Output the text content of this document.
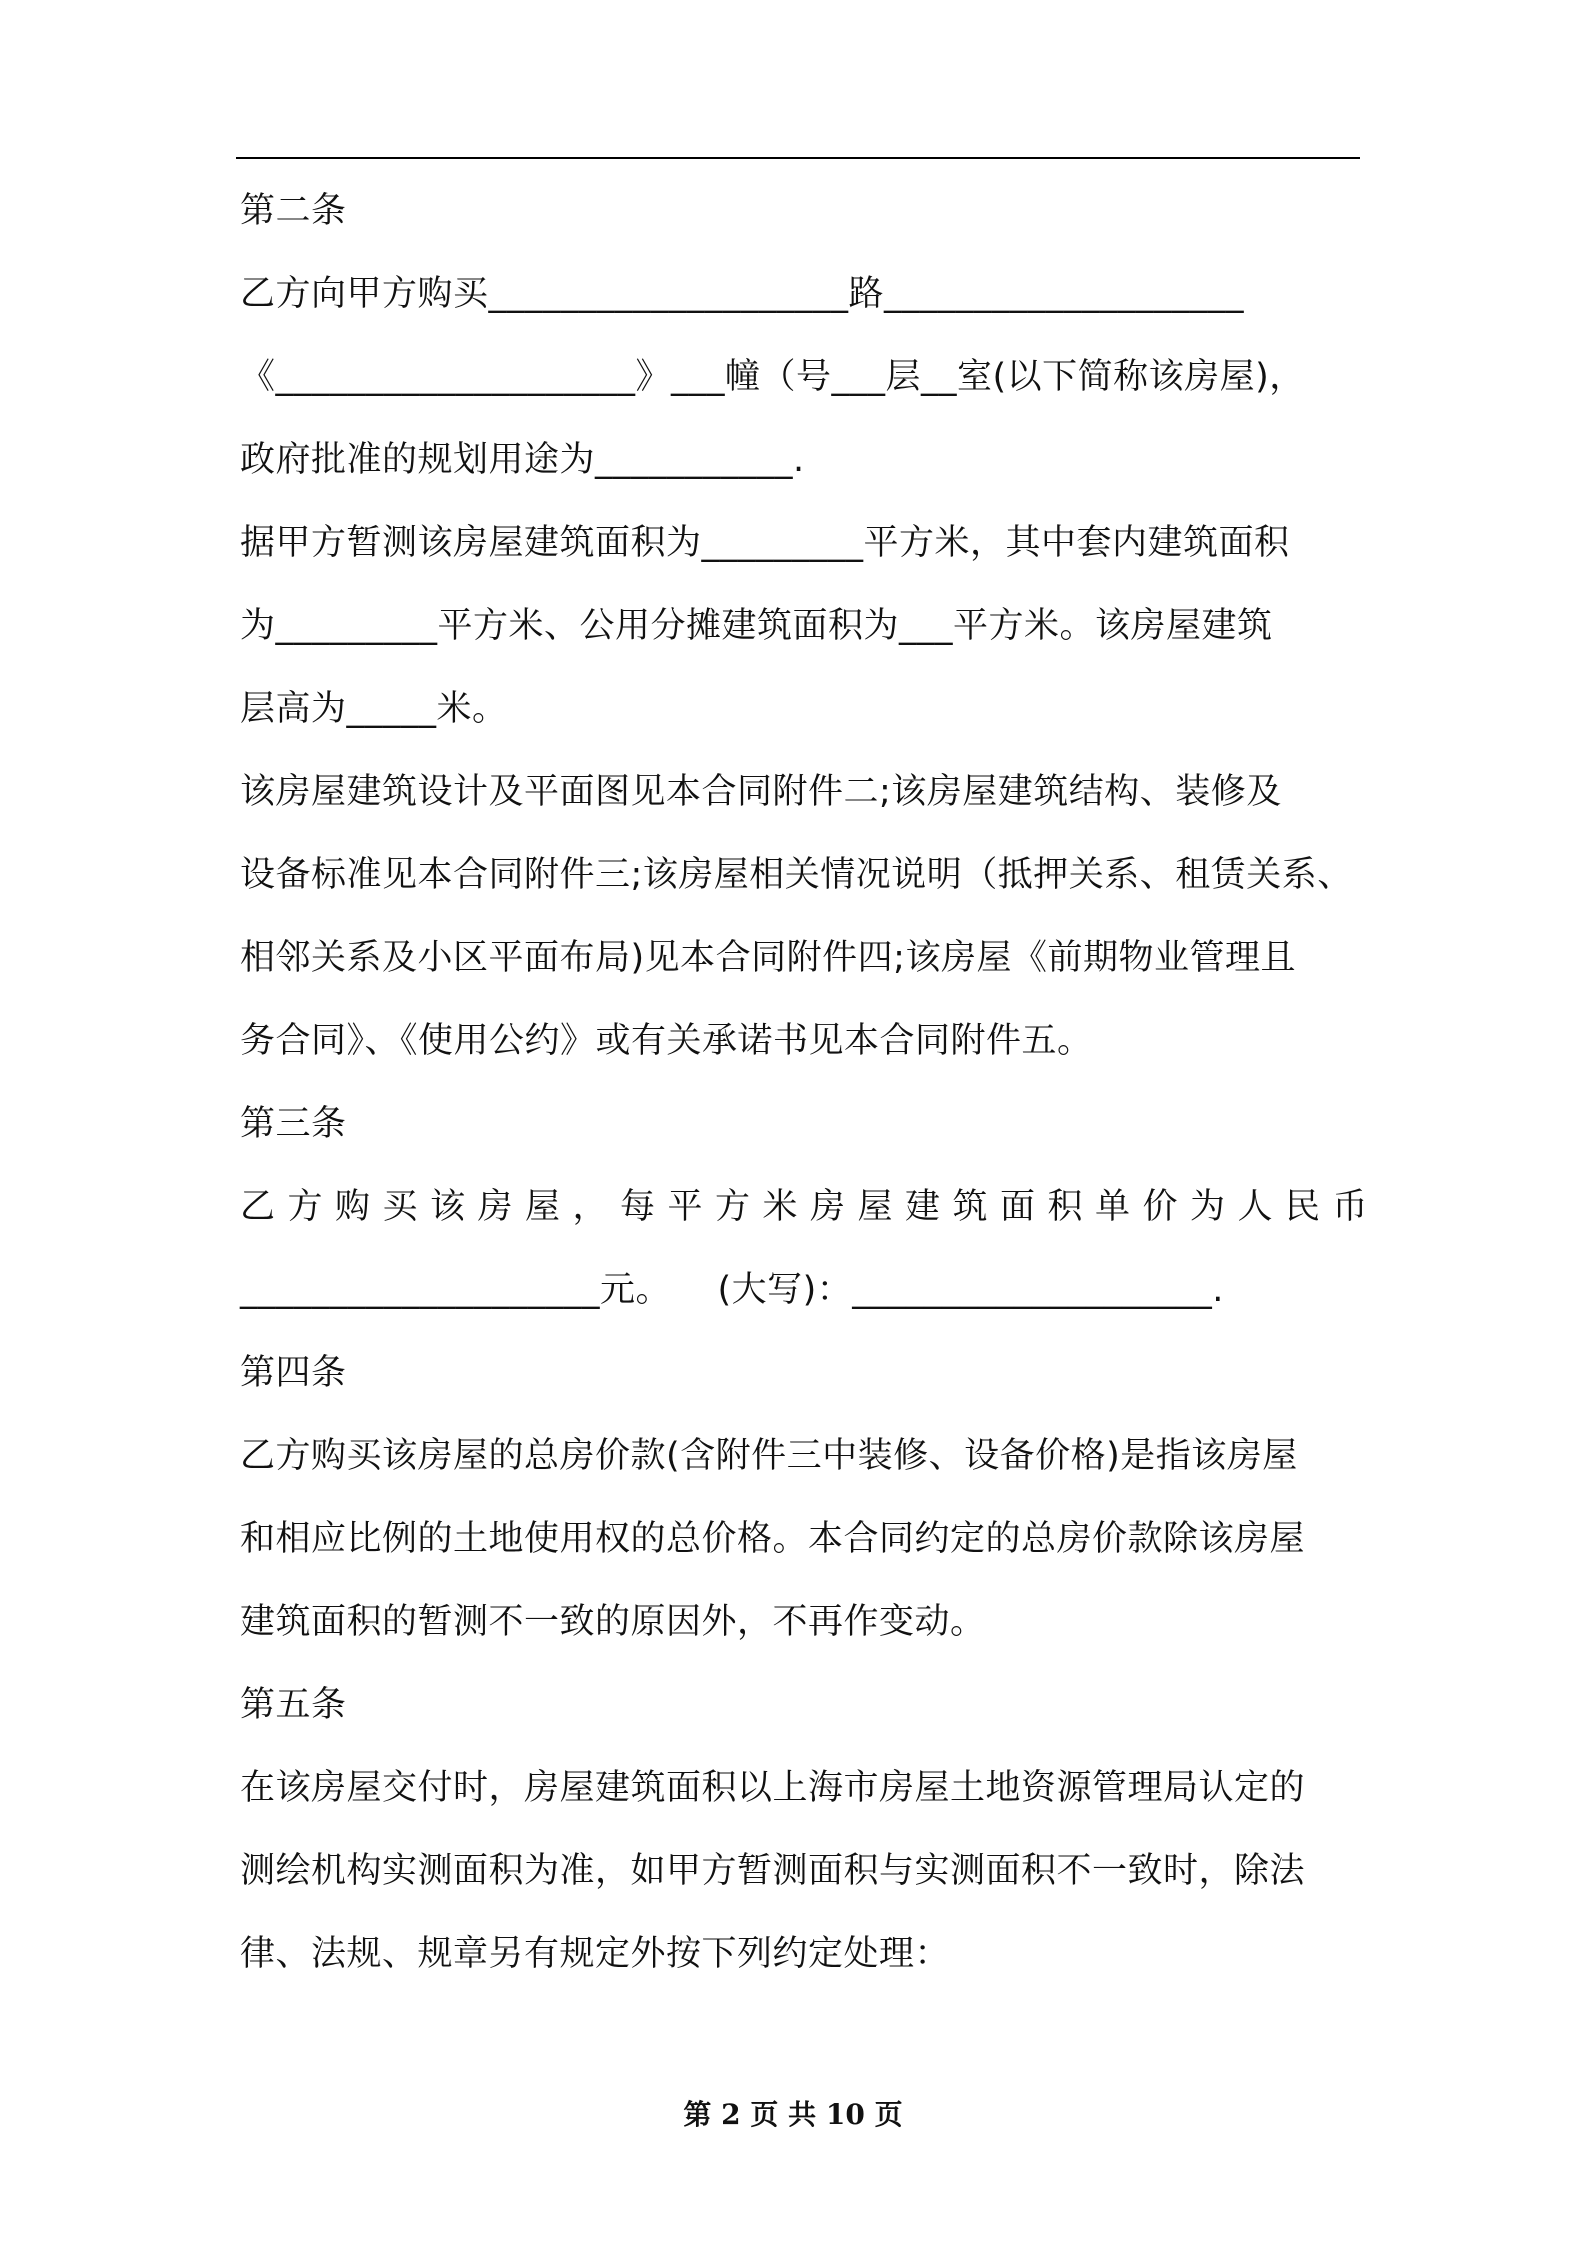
第二条
乙方向甲方购买____________________路____________________
《____________________》___幢（号___层__室(以下简称该房屋)，
政府批准的规划用途为___________.
据甲方暂测该房屋建筑面积为_________平方米，其中套内建筑面积
为_________平方米、公用分摊建筑面积为___平方米。该房屋建筑
层高为_____米。
该房屋建筑设计及平面图见本合同附件二;该房屋建筑结构、装修及
设备标准见本合同附件三;该房屋相关情况说明（抵押关系、租赁关系、
相邻关系及小区平面布局)见本合同附件四;该房屋《前期物业管理且
务合同》、《使用公约》或有关承诺书见本合同附件五。
第三条
乙方购买该房屋，每平方米房屋建筑面积单价为人民币
____________________元。    (大写)：____________________.
第四条
乙方购买该房屋的总房价款(含附件三中装修、设备价格)是指该房屋
和相应比例的土地使用权的总价格。本合同约定的总房价款除该房屋
建筑面积的暂测不一致的原因外，不再作变动。
第五条
在该房屋交付时，房屋建筑面积以上海市房屋土地资源管理局认定的
测绘机构实测面积为准，如甲方暂测面积与实测面积不一致时，除法
律、法规、规章另有规定外按下列约定处理：
第 2 页 共 10 页
